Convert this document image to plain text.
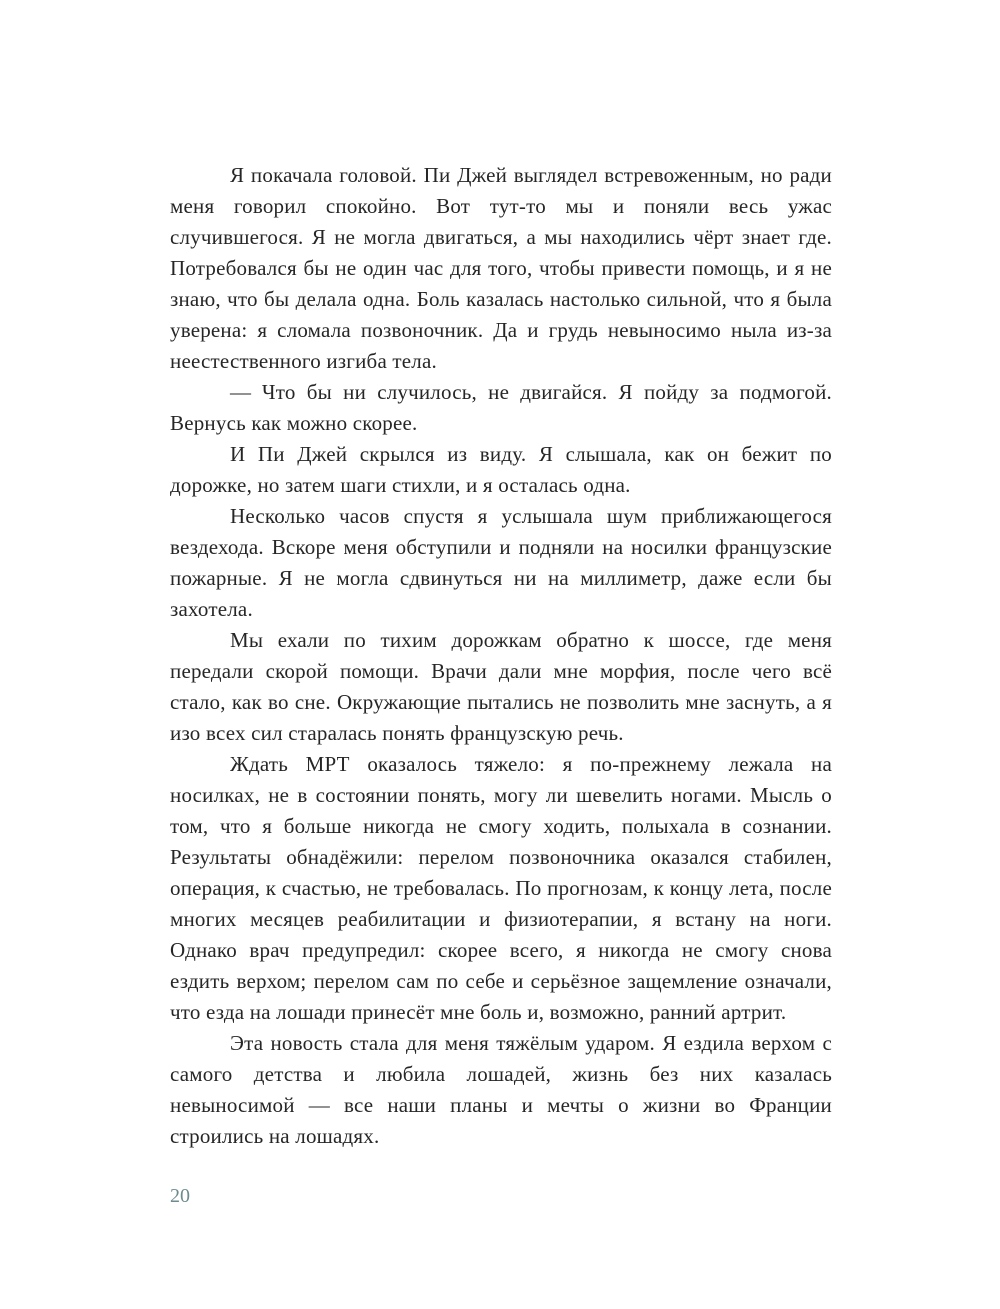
Я покачала головой. Пи Джей выглядел встревоженным, но ради меня говорил спокойно. Вот тут-то мы и поняли весь ужас случившегося. Я не могла двигаться, а мы находились чёрт знает где. Потребовался бы не один час для того, чтобы привести помощь, и я не знаю, что бы делала одна. Боль казалась настолько сильной, что я была уверена: я сломала позвоночник. Да и грудь невыносимо ныла из-за неестественного изгиба тела.

— Что бы ни случилось, не двигайся. Я пойду за подмогой. Вернусь как можно скорее.

И Пи Джей скрылся из виду. Я слышала, как он бежит по дорожке, но затем шаги стихли, и я осталась одна.

Несколько часов спустя я услышала шум приближающегося вездехода. Вскоре меня обступили и подняли на носилки французские пожарные. Я не могла сдвинуться ни на миллиметр, даже если бы захотела.

Мы ехали по тихим дорожкам обратно к шоссе, где меня передали скорой помощи. Врачи дали мне морфия, после чего всё стало, как во сне. Окружающие пытались не позволить мне заснуть, а я изо всех сил старалась понять французскую речь.

Ждать МРТ оказалось тяжело: я по-прежнему лежала на носилках, не в состоянии понять, могу ли шевелить ногами. Мысль о том, что я больше никогда не смогу ходить, полыхала в сознании. Результаты обнадёжили: перелом позвоночника оказался стабилен, операция, к счастью, не требовалась. По прогнозам, к концу лета, после многих месяцев реабилитации и физиотерапии, я встану на ноги. Однако врач предупредил: скорее всего, я никогда не смогу снова ездить верхом; перелом сам по себе и серьёзное защемление означали, что езда на лошади принесёт мне боль и, возможно, ранний артрит.

Эта новость стала для меня тяжёлым ударом. Я ездила верхом с самого детства и любила лошадей, жизнь без них казалась невыносимой — все наши планы и мечты о жизни во Франции строились на лошадях.

20
